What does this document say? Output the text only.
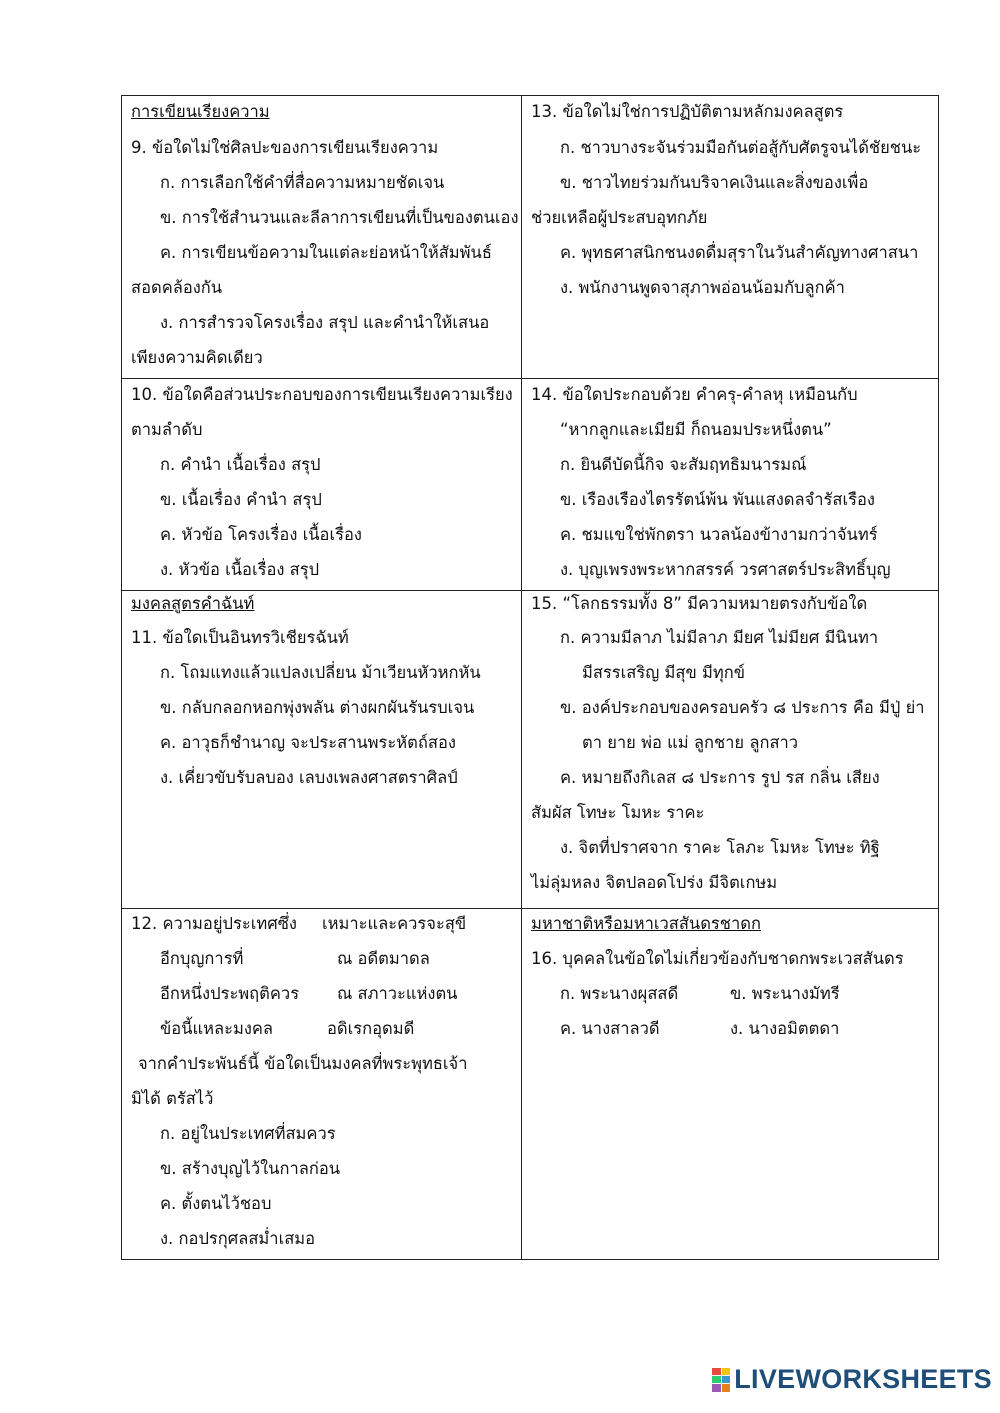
การเขียนเรียงความ
9. ข้อใดไม่ใช่ศิลปะของการเขียนเรียงความ
ก. การเลือกใช้คำที่สื่อความหมายชัดเจน
ข. การใช้สำนวนและลีลาการเขียนที่เป็นของตนเอง
ค. การเขียนข้อความในแต่ละย่อหน้าให้สัมพันธ์
สอดคล้องกัน
ง. การสำรวจโครงเรื่อง สรุป และคำนำให้เสนอ
เพียงความคิดเดียว
13. ข้อใดไม่ใช่การปฏิบัติตามหลักมงคลสูตร
ก. ชาวบางระจันร่วมมือกันต่อสู้กับศัตรูจนได้ชัยชนะ
ข. ชาวไทยร่วมกันบริจาคเงินและสิ่งของเพื่อ
ช่วยเหลือผู้ประสบอุทกภัย
ค. พุทธศาสนิกชนงดดื่มสุราในวันสำคัญทางศาสนา
ง. พนักงานพูดจาสุภาพอ่อนน้อมกับลูกค้า
10. ข้อใดคือส่วนประกอบของการเขียนเรียงความเรียง
ตามลำดับ
ก. คำนำ เนื้อเรื่อง สรุป
ข. เนื้อเรื่อง คำนำ สรุป
ค. หัวข้อ โครงเรื่อง เนื้อเรื่อง
ง. หัวข้อ เนื้อเรื่อง สรุป
14. ข้อใดประกอบด้วย คำครุ-คำลหุ เหมือนกับ
“หากลูกและเมียมี ก็ถนอมประหนึ่งตน”
ก. ยินดีบัดนี้กิจ จะสัมฤทธิมนารมณ์
ข. เรืองเรืองไตรรัตน์พ้น พันแสงดลจำรัสเรือง
ค. ชมแขใช่พักตรา นวลน้องข้างามกว่าจันทร์
ง. บุญเพรงพระหากสรรค์ วรศาสตร์ประสิทธิ์บุญ
มงคลสูตรคำฉันท์
11. ข้อใดเป็นอินทรวิเชียรฉันท์
ก. โถมแทงแล้วแปลงเปลี่ยน ม้าเวียนหัวหกหัน
ข. กลับกลอกหอกพุ่งพลัน ต่างผกผันรันรบเจน
ค. อาวุธก็ชำนาญ จะประสานพระหัตถ์สอง
ง. เคี่ยวขับรับลบอง เลบงเพลงศาสตราศิลป์
15. “โลกธรรมทั้ง 8” มีความหมายตรงกับข้อใด
ก. ความมีลาภ ไม่มีลาภ มียศ ไม่มียศ มีนินทา
มีสรรเสริญ มีสุข มีทุกข์
ข. องค์ประกอบของครอบครัว ๘ ประการ คือ มีปู่ ย่า
ตา ยาย พ่อ แม่ ลูกชาย ลูกสาว
ค. หมายถึงกิเลส ๘ ประการ รูป รส กลิ่น เสียง
สัมผัส โทษะ โมหะ ราคะ
ง. จิตที่ปราศจาก ราคะ โลภะ โมหะ โทษะ ทิฐิ
ไม่ลุ่มหลง จิตปลอดโปร่ง มีจิตเกษม
12. ความอยู่ประเทศซึ่ง เหมาะและควรจะสุขี
อีกบุญการที่	ณ อดีตมาดล
อีกหนึ่งประพฤติควร ณ สภาวะแห่งตน
ข้อนี้แหละมงคล	อดิเรกอุดมดี
จากคำประพันธ์นี้ ข้อใดเป็นมงคลที่พระพุทธเจ้า
มิได้ ตรัสไว้
ก. อยู่ในประเทศที่สมควร
ข. สร้างบุญไว้ในกาลก่อน
ค. ตั้งตนไว้ชอบ
ง. กอปรกุศลสม่ำเสมอ
มหาชาติหรือมหาเวสสันดรชาดก
16. บุคคลในข้อใดไม่เกี่ยวข้องกับชาดกพระเวสสันดร
ก. พระนางผุสสดี	ข. พระนางมัทรี
ค. นางสาลวดี	ง. นางอมิตตดา
LIVEWORKSHEETS
